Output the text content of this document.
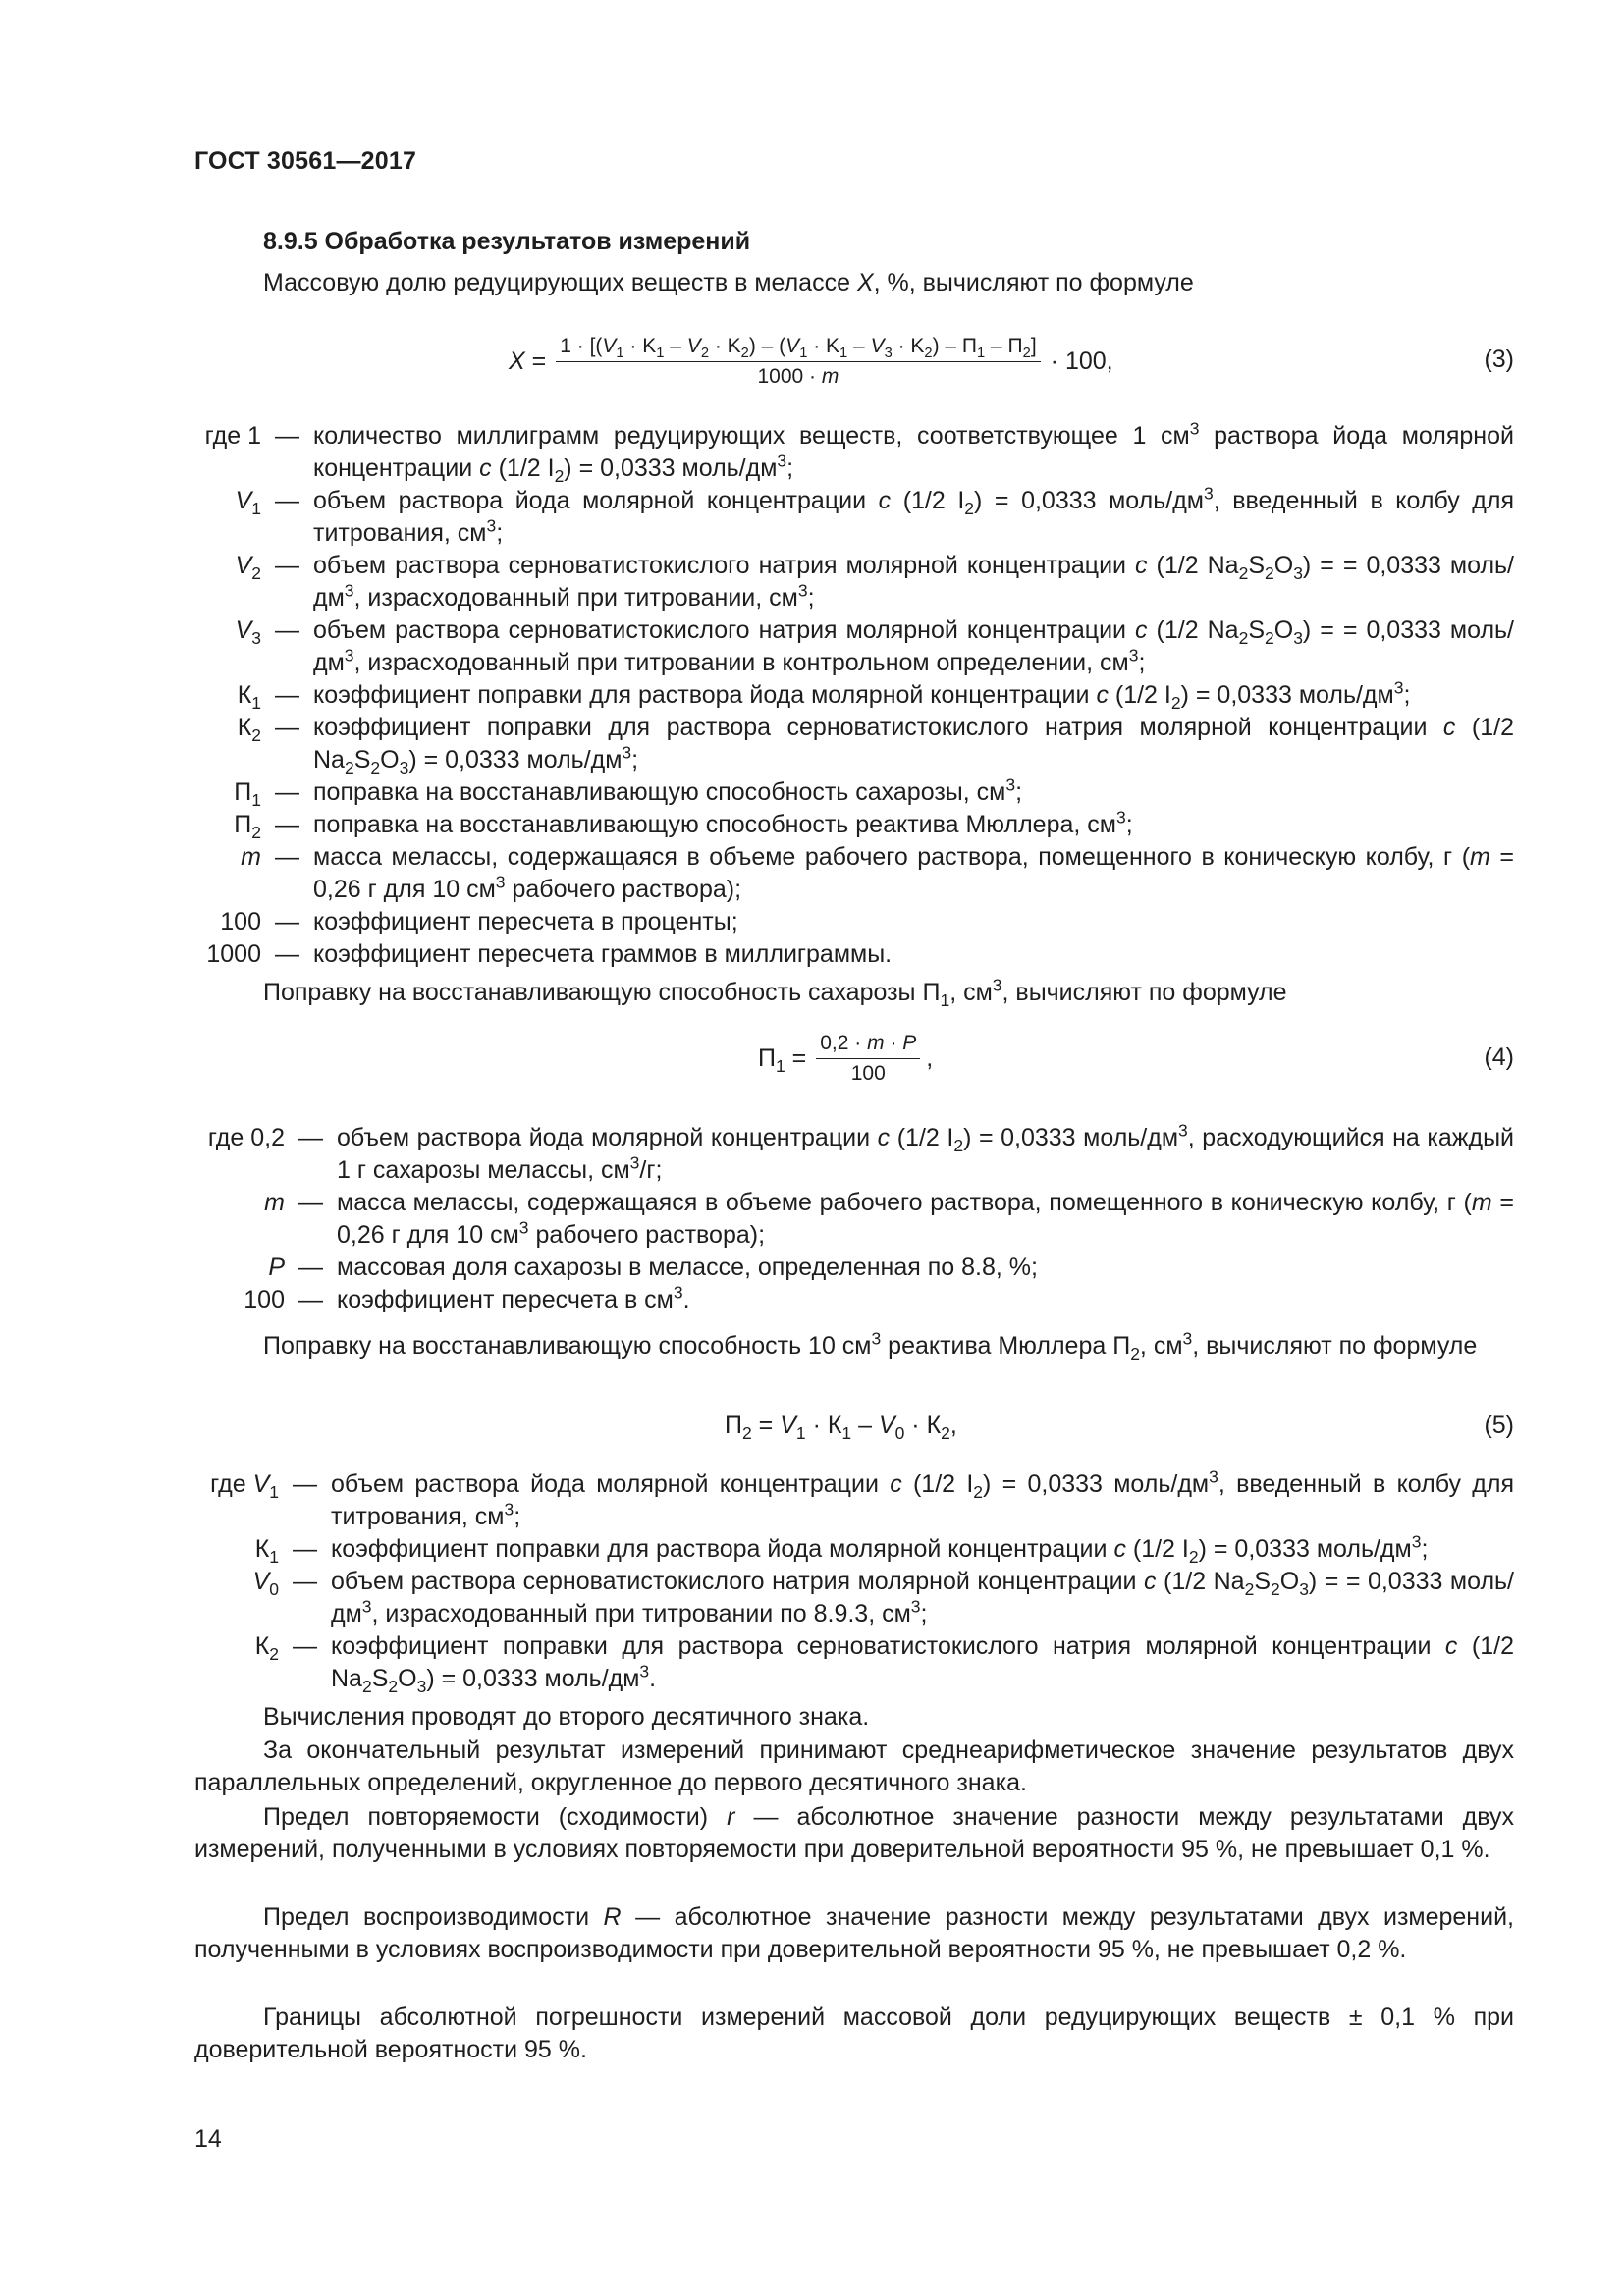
ГОСТ 30561—2017
8.9.5 Обработка результатов измерений
Массовую долю редуцирующих веществ в мелассе X, %, вычисляют по формуле
$X = \frac{1 \cdot [(V_1 \cdot K_1 - V_2 \cdot K_2) - (V_1 \cdot K_1 - V_3 \cdot K_2) - П_1 - П_2]}{1000 \cdot m} \cdot 100$,	(3)
где 1 — количество миллиграмм редуцирующих веществ, соответствующее 1 $см^3$ раствора йода молярной концентрации c (1/2 $I_2) = 0,0333$ моль/$дм^3$;
$V_1$ — объем раствора йода молярной концентрации c (1/2 $I_2) = 0,0333$ моль/$дм^3$, введенный в колбу для титрования, $см^3$;
$V_2$ — объем раствора серноватистокислого натрия молярной концентрации c (1/2 $Na_2S_2O_3$) = = 0,0333 моль/$дм^3$, израсходованный при титровании, $см^3$;
$V_3$ — объем раствора серноватистокислого натрия молярной концентрации c (1/2 $Na_2S_2O_3$) = = 0,0333 моль/$дм^3$, израсходованный при титровании в контрольном определении, $см^3$;
$К_1$ — коэффициент поправки для раствора йода молярной концентрации c (1/2 $I_2) = 0,0333$ моль/$дм^3$;
$К_2$ — коэффициент поправки для раствора серноватистокислого натрия молярной концентрации c (1/2 $Na_2S_2O_3) = 0,0333$ моль/$дм^3$;
$П_1$ — поправка на восстанавливающую способность сахарозы, $см^3$;
$П_2$ — поправка на восстанавливающую способность реактива Мюллера, $см^3$;
m — масса мелассы, содержащаяся в объеме рабочего раствора, помещенного в коническую колбу, г (m = 0,26 г для 10 $см^3$ рабочего раствора);
100 — коэффициент пересчета в проценты;
1000 — коэффициент пересчета граммов в миллиграммы.
Поправку на восстанавливающую способность сахарозы $П_1$, $см^3$, вычисляют по формуле
$П_1 = \frac{0,2 \cdot m \cdot P}{100}$ ,	(4)
где 0,2 — объем раствора йода молярной концентрации c (1/2 $I_2) = 0,0333$ моль/$дм^3$, расходующийся на каждый 1 г сахарозы мелассы, $см^3/г$;
m — масса мелассы, содержащаяся в объеме рабочего раствора, помещенного в коническую колбу, г (m = 0,26 г для 10 $см^3$ рабочего раствора);
P — массовая доля сахарозы в мелассе, определенная по 8.8, %;
100 — коэффициент пересчета в $см^3$.
Поправку на восстанавливающую способность 10 $см^3$ реактива Мюллера $П_2$, $см^3$, вычисляют по формуле
$П_2 = V_1 \cdot К_1 - V_0 \cdot К_2$,	(5)
где $V_1$ — объем раствора йода молярной концентрации c (1/2 $I_2) = 0,0333$ моль/$дм^3$, введенный в колбу для титрования, $см^3$;
$К_1$ — коэффициент поправки для раствора йода молярной концентрации c (1/2 $I_2) = 0,0333$ моль/$дм^3$;
$V_0$ — объем раствора серноватистокислого натрия молярной концентрации c (1/2 $Na_2S_2O_3$) = = 0,0333 моль/$дм^3$, израсходованный при титровании по 8.9.3, $см^3$;
$К_2$ — коэффициент поправки для раствора серноватистокислого натрия молярной концентрации c (1/2 $Na_2S_2O_3) = 0,0333$ моль/$дм^3$.
Вычисления проводят до второго десятичного знака.
За окончательный результат измерений принимают среднеарифметическое значение результатов двух параллельных определений, округленное до первого десятичного знака.
Предел повторяемости (сходимости) r — абсолютное значение разности между результатами двух измерений, полученными в условиях повторяемости при доверительной вероятности 95 %, не превышает 0,1 %.
Предел воспроизводимости R — абсолютное значение разности между результатами двух измерений, полученными в условиях воспроизводимости при доверительной вероятности 95 %, не превышает 0,2 %.
Границы абсолютной погрешности измерений массовой доли редуцирующих веществ ± 0,1 % при доверительной вероятности 95 %.
14
